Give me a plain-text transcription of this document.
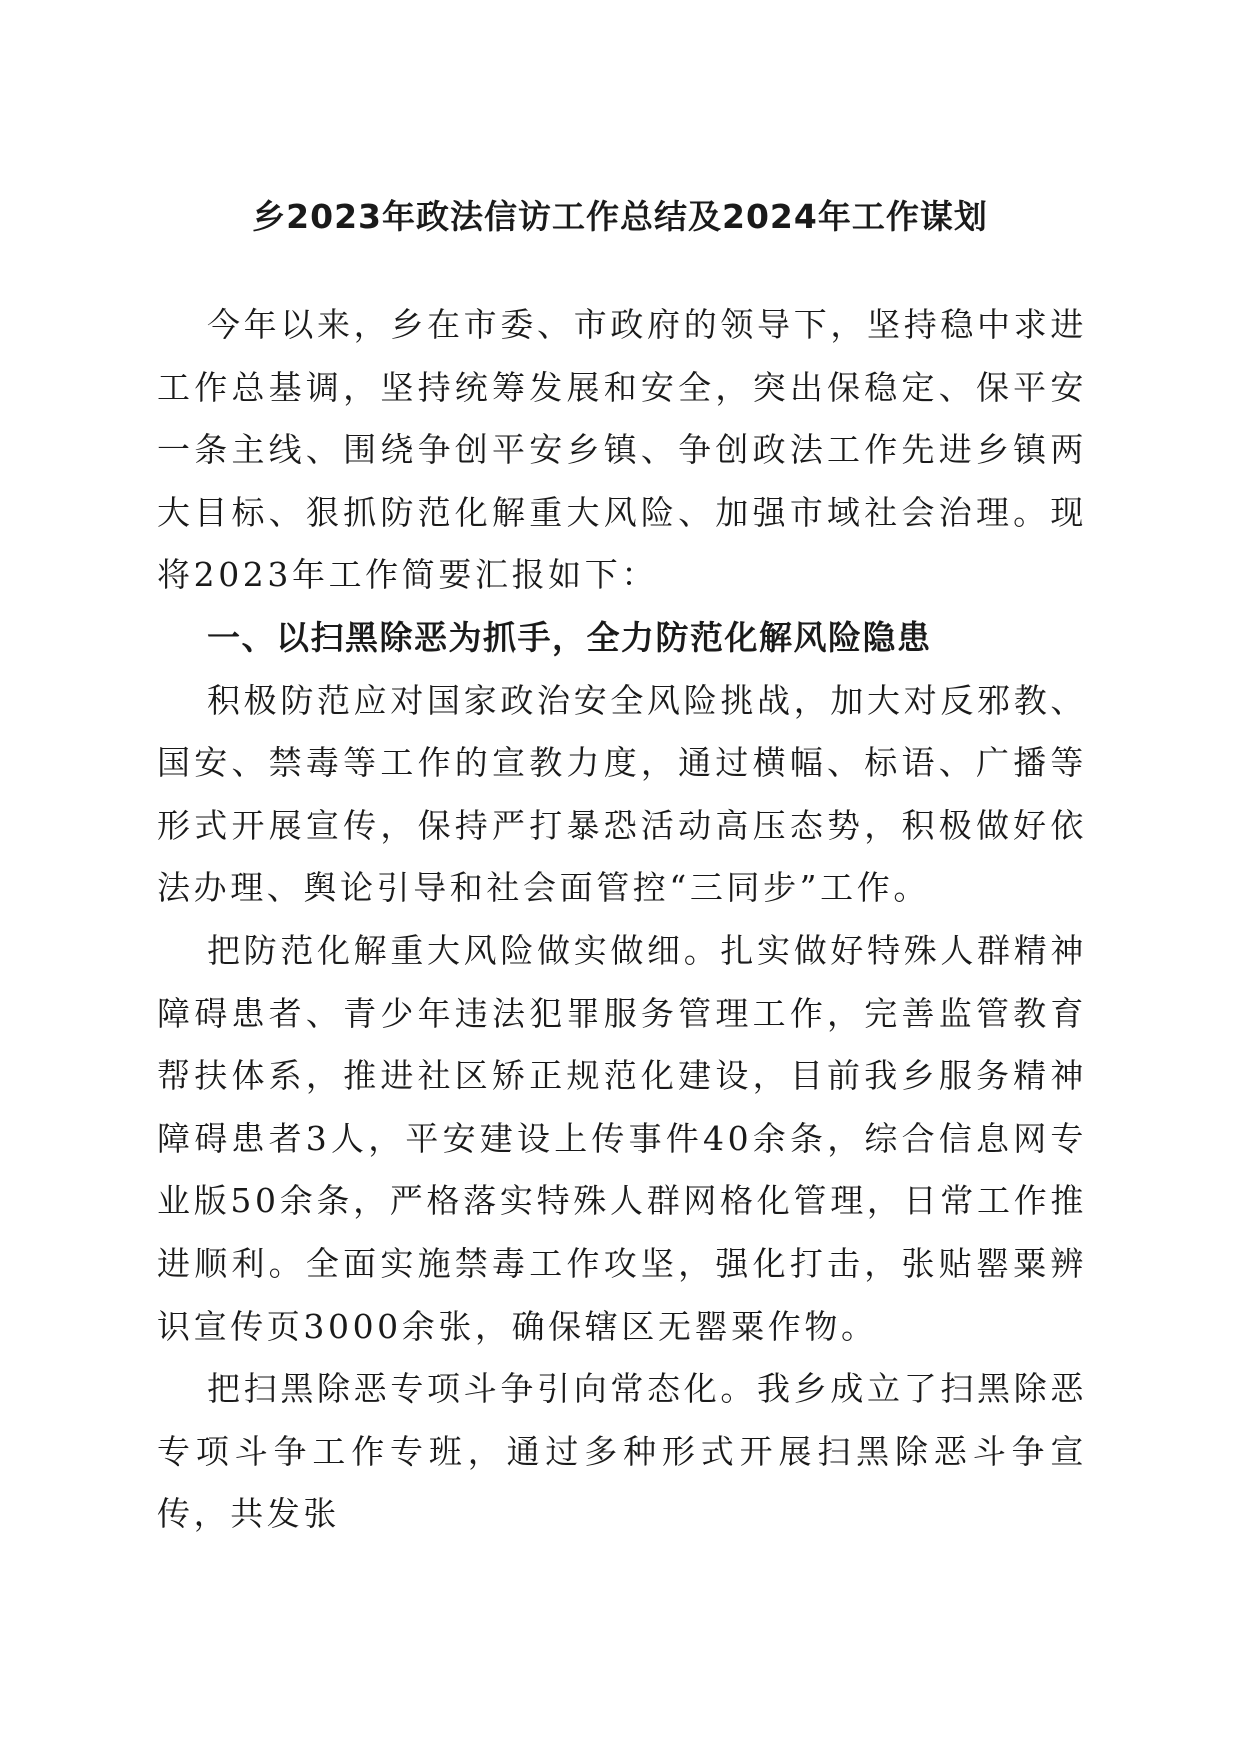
乡2023年政法信访工作总结及2024年工作谋划

今年以来，乡在市委、市政府的领导下，坚持稳中求进工作总基调，坚持统筹发展和安全，突出保稳定、保平安一条主线、围绕争创平安乡镇、争创政法工作先进乡镇两大目标、狠抓防范化解重大风险、加强市域社会治理。现将2023年工作简要汇报如下：

一、以扫黑除恶为抓手，全力防范化解风险隐患

积极防范应对国家政治安全风险挑战，加大对反邪教、国安、禁毒等工作的宣教力度，通过横幅、标语、广播等形式开展宣传，保持严打暴恐活动高压态势，积极做好依法办理、舆论引导和社会面管控“三同步”工作。

把防范化解重大风险做实做细。扎实做好特殊人群精神障碍患者、青少年违法犯罪服务管理工作，完善监管教育帮扶体系，推进社区矫正规范化建设，目前我乡服务精神障碍患者3人，平安建设上传事件40余条，综合信息网专业版50余条，严格落实特殊人群网格化管理，日常工作推进顺利。全面实施禁毒工作攻坚，强化打击，张贴罂粟辨识宣传页3000余张，确保辖区无罂粟作物。

把扫黑除恶专项斗争引向常态化。我乡成立了扫黑除恶专项斗争工作专班，通过多种形式开展扫黑除恶斗争宣传，共发张
